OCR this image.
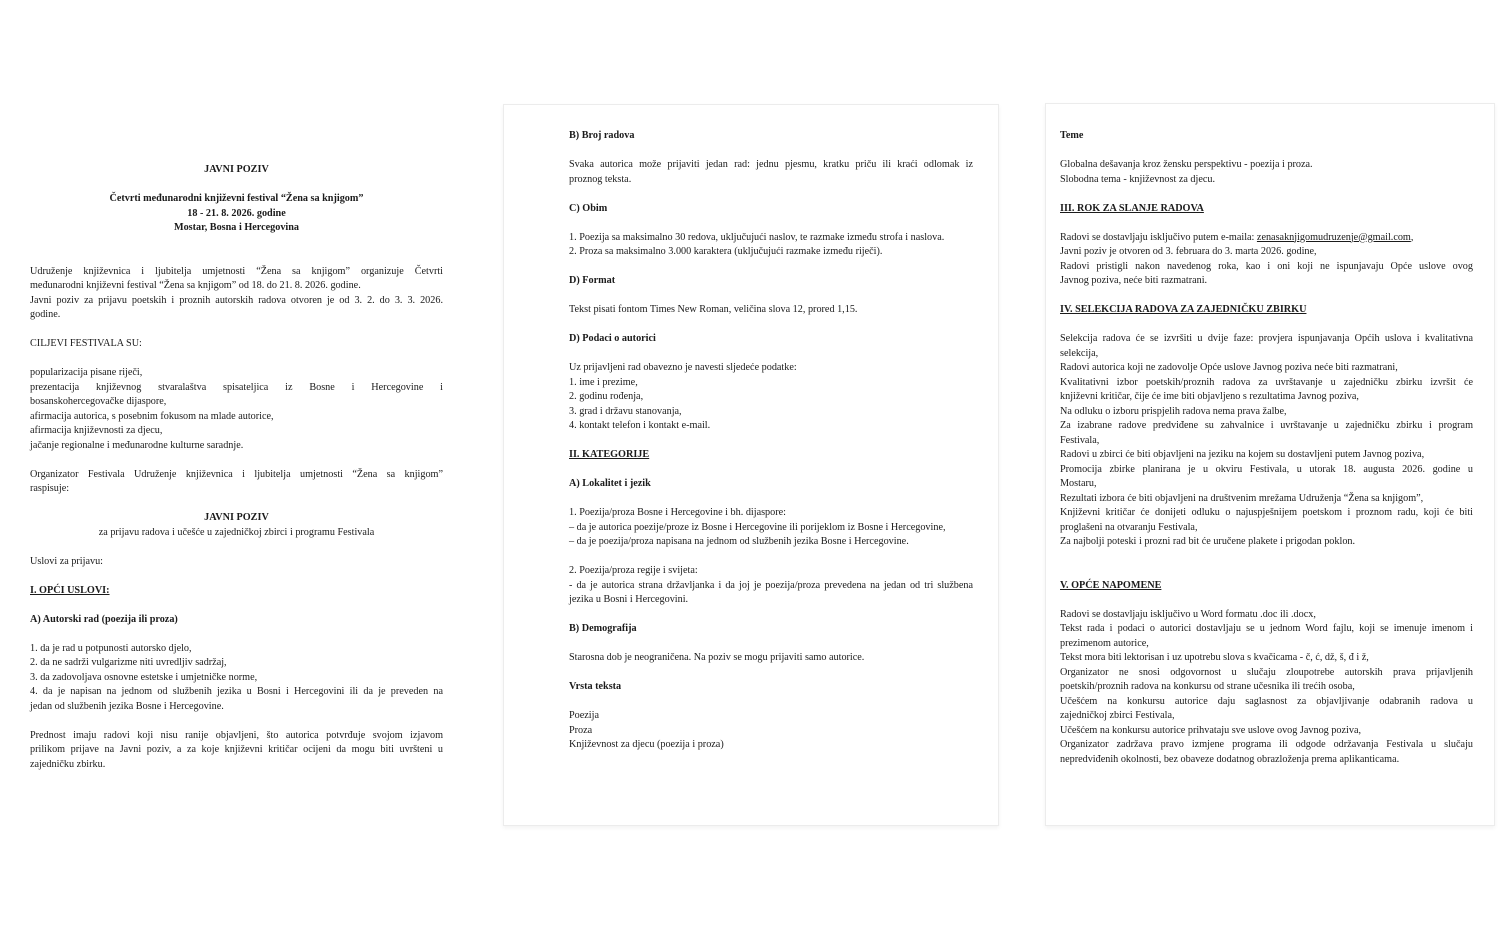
JAVNI POZIV
Četvrti međunarodni književni festival “Žena sa knjigom”
18 - 21. 8. 2026. godine
Mostar, Bosna i Hercegovina
Udruženje književnica i ljubitelja umjetnosti “Žena sa knjigom” organizuje Četvrti
međunarodni književni festival “Žena sa knjigom” od 18. do 21. 8. 2026. godine.
Javni poziv za prijavu poetskih i proznih autorskih radova otvoren je od 3. 2. do 3. 3. 2026.
godine.
CILJEVI FESTIVALA SU:
popularizacija pisane riječi,
prezentacija književnog stvaralaštva spisateljica iz Bosne i Hercegovine i
bosanskohercegovačke dijaspore,
afirmacija autorica, s posebnim fokusom na mlade autorice,
afirmacija književnosti za djecu,
jačanje regionalne i međunarodne kulturne saradnje.
Organizator Festivala Udruženje književnica i ljubitelja umjetnosti “Žena sa knjigom”
raspisuje:
JAVNI POZIV
za prijavu radova i učešće u zajedničkoj zbirci i programu Festivala
Uslovi za prijavu:
I. OPĆI USLOVI:
A) Autorski rad (poezija ili proza)
1. da je rad u potpunosti autorsko djelo,
2. da ne sadrži vulgarizme niti uvredljiv sadržaj,
3. da zadovoljava osnovne estetske i umjetničke norme,
4. da je napisan na jednom od službenih jezika u Bosni i Hercegovini ili da je preveden na
jedan od službenih jezika Bosne i Hercegovine.
Prednost imaju radovi koji nisu ranije objavljeni, što autorica potvrđuje svojom izjavom
prilikom prijave na Javni poziv, a za koje književni kritičar ocijeni da mogu biti uvršteni u
zajedničku zbirku.
B) Broj radova
Svaka autorica može prijaviti jedan rad: jednu pjesmu, kratku priču ili kraći odlomak iz
proznog teksta.
C) Obim
1. Poezija sa maksimalno 30 redova, uključujući naslov, te razmake između strofa i naslova.
2. Proza sa maksimalno 3.000 karaktera (uključujući razmake između riječi).
D) Format
Tekst pisati fontom Times New Roman, veličina slova 12, prored 1,15.
D) Podaci o autorici
Uz prijavljeni rad obavezno je navesti sljedeće podatke:
1. ime i prezime,
2. godinu rođenja,
3. grad i državu stanovanja,
4. kontakt telefon i kontakt e-mail.
II. KATEGORIJE
A) Lokalitet i jezik
1. Poezija/proza Bosne i Hercegovine i bh. dijaspore:
– da je autorica poezije/proze iz Bosne i Hercegovine ili porijeklom iz Bosne i Hercegovine,
– da je poezija/proza napisana na jednom od službenih jezika Bosne i Hercegovine.
2. Poezija/proza regije i svijeta:
- da je autorica strana državljanka i da joj je poezija/proza prevedena na jedan od tri službena
jezika u Bosni i Hercegovini.
B) Demografija
Starosna dob je neograničena. Na poziv se mogu prijaviti samo autorice.
Vrsta teksta
Poezija
Proza
Književnost za djecu (poezija i proza)
Teme
Globalna dešavanja kroz žensku perspektivu - poezija i proza.
Slobodna tema - književnost za djecu.
III. ROK ZA SLANJE RADOVA
Radovi se dostavljaju isključivo putem e-maila: zenasaknjigomudruzenje@gmail.com,
Javni poziv je otvoren od 3. februara do 3. marta 2026. godine,
Radovi pristigli nakon navedenog roka, kao i oni koji ne ispunjavaju Opće uslove ovog
Javnog poziva, neće biti razmatrani.
IV. SELEKCIJA RADOVA ZA ZAJEDNIČKU ZBIRKU
Selekcija radova će se izvršiti u dvije faze: provjera ispunjavanja Općih uslova i kvalitativna
selekcija,
Radovi autorica koji ne zadovolje Opće uslove Javnog poziva neće biti razmatrani,
Kvalitativni izbor poetskih/proznih radova za uvrštavanje u zajedničku zbirku izvršit će
književni kritičar, čije će ime biti objavljeno s rezultatima Javnog poziva,
Na odluku o izboru prispjelih radova nema prava žalbe,
Za izabrane radove predviđene su zahvalnice i uvrštavanje u zajedničku zbirku i program
Festivala,
Radovi u zbirci će biti objavljeni na jeziku na kojem su dostavljeni putem Javnog poziva,
Promocija zbirke planirana je u okviru Festivala, u utorak 18. augusta 2026. godine u
Mostaru,
Rezultati izbora će biti objavljeni na društvenim mrežama Udruženja “Žena sa knjigom”,
Književni kritičar će donijeti odluku o najuspješnijem poetskom i proznom radu, koji će biti
proglašeni na otvaranju Festivala,
Za najbolji poteski i prozni rad bit će uručene plakete i prigodan poklon.
V. OPĆE NAPOMENE
Radovi se dostavljaju isključivo u Word formatu .doc ili .docx,
Tekst rada i podaci o autorici dostavljaju se u jednom Word fajlu, koji se imenuje imenom i
prezimenom autorice,
Tekst mora biti lektorisan i uz upotrebu slova s kvačicama - č, ć, dž, š, đ i ž,
Organizator ne snosi odgovornost u slučaju zloupotrebe autorskih prava prijavljenih
poetskih/proznih radova na konkursu od strane učesnika ili trećih osoba,
Učešćem na konkursu autorice daju saglasnost za objavljivanje odabranih radova u
zajedničkoj zbirci Festivala,
Učešćem na konkursu autorice prihvataju sve uslove ovog Javnog poziva,
Organizator zadržava pravo izmjene programa ili odgode održavanja Festivala u slučaju
nepredviđenih okolnosti, bez obaveze dodatnog obrazloženja prema aplikanticama.
